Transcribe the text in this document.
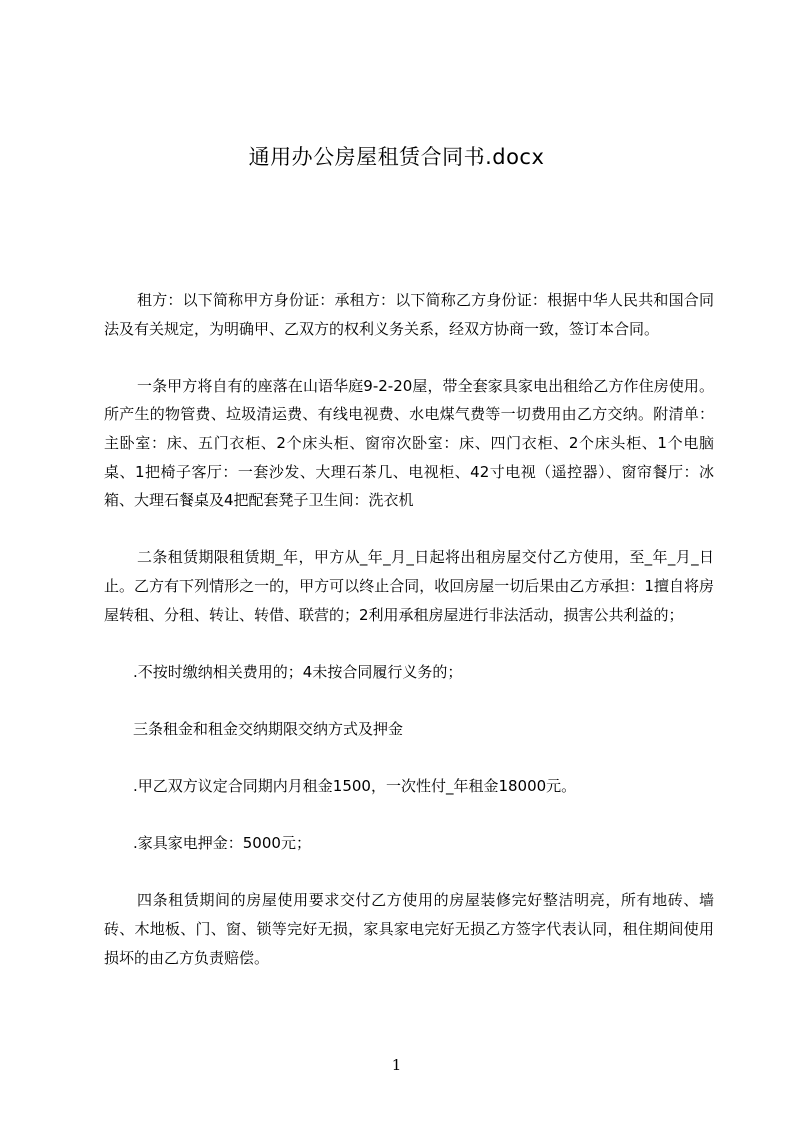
通用办公房屋租赁合同书.docx

租方：以下简称甲方身份证：承租方：以下简称乙方身份证：根据中华人民共和国合同法及有关规定，为明确甲、乙双方的权利义务关系，经双方协商一致，签订本合同。

一条甲方将自有的座落在山语华庭9-2-20屋，带全套家具家电出租给乙方作住房使用。所产生的物管费、垃圾清运费、有线电视费、水电煤气费等一切费用由乙方交纳。附清单：主卧室：床、五门衣柜、2个床头柜、窗帘次卧室：床、四门衣柜、2个床头柜、1个电脑桌、1把椅子客厅：一套沙发、大理石茶几、电视柜、42寸电视（遥控器）、窗帘餐厅：冰箱、大理石餐桌及4把配套凳子卫生间：洗衣机

二条租赁期限租赁期_年，甲方从_年_月_日起将出租房屋交付乙方使用，至_年_月_日止。乙方有下列情形之一的，甲方可以终止合同，收回房屋一切后果由乙方承担：1擅自将房屋转租、分租、转让、转借、联营的；2利用承租房屋进行非法活动，损害公共利益的；

.不按时缴纳相关费用的；4未按合同履行义务的；

三条租金和租金交纳期限交纳方式及押金

.甲乙双方议定合同期内月租金1500，一次性付_年租金18000元。

.家具家电押金：5000元；

四条租赁期间的房屋使用要求交付乙方使用的房屋装修完好整洁明亮，所有地砖、墙砖、木地板、门、窗、锁等完好无损，家具家电完好无损乙方签字代表认同，租住期间使用损坏的由乙方负责赔偿。

1
